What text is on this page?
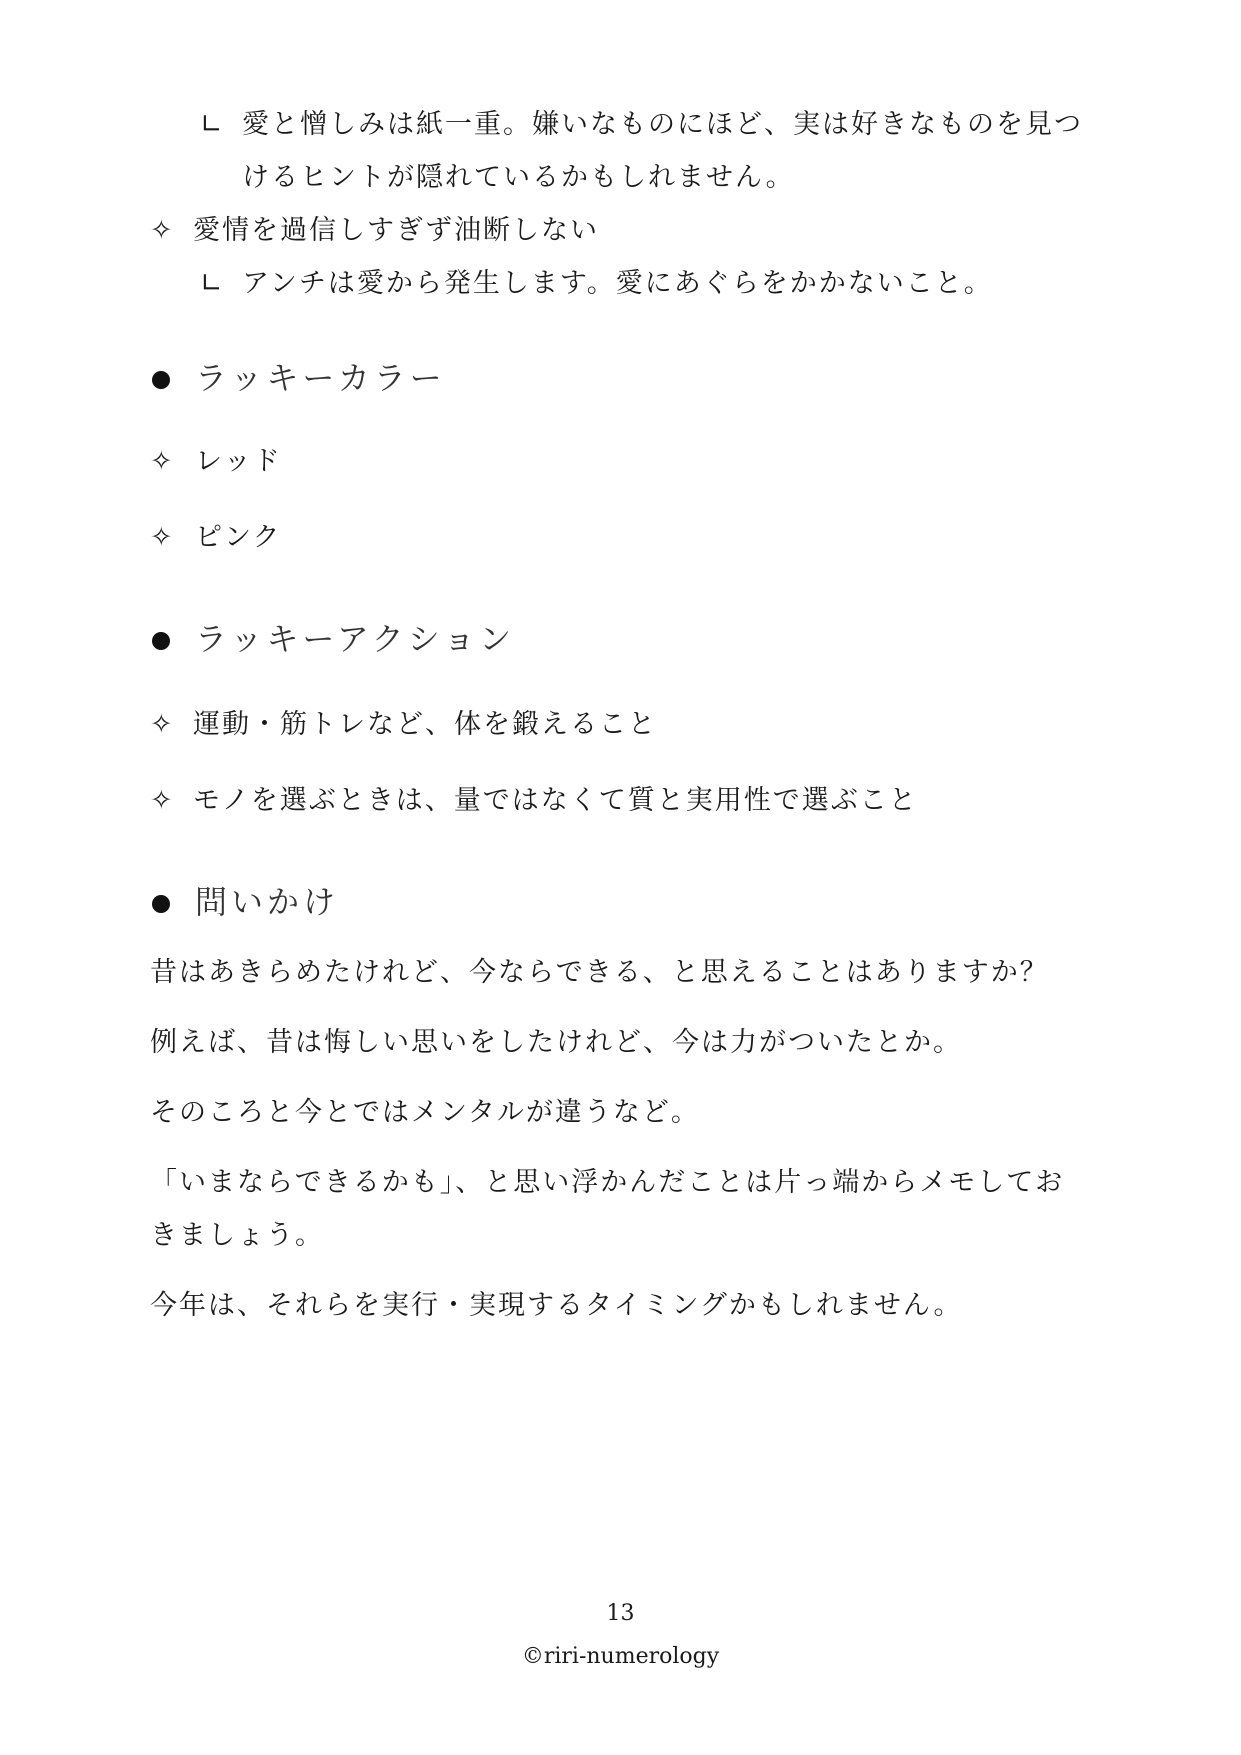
∟ 愛と憎しみは紙一重。嫌いなものにほど、実は好きなものを見つ
けるヒントが隠れているかもしれません。
✧ 愛情を過信しすぎず油断しない
∟ アンチは愛から発生します。愛にあぐらをかかないこと。
ラッキーカラー
✧ レッド
✧ ピンク
ラッキーアクション
✧ 運動・筋トレなど、体を鍛えること
✧ モノを選ぶときは、量ではなくて質と実用性で選ぶこと
問いかけ
昔はあきらめたけれど、今ならできる、と思えることはありますか？
例えば、昔は悔しい思いをしたけれど、今は力がついたとか。
そのころと今とではメンタルが違うなど。
「いまならできるかも」、と思い浮かんだことは片っ端からメモしてお
きましょう。
今年は、それらを実行・実現するタイミングかもしれません。
13
©riri-numerology
